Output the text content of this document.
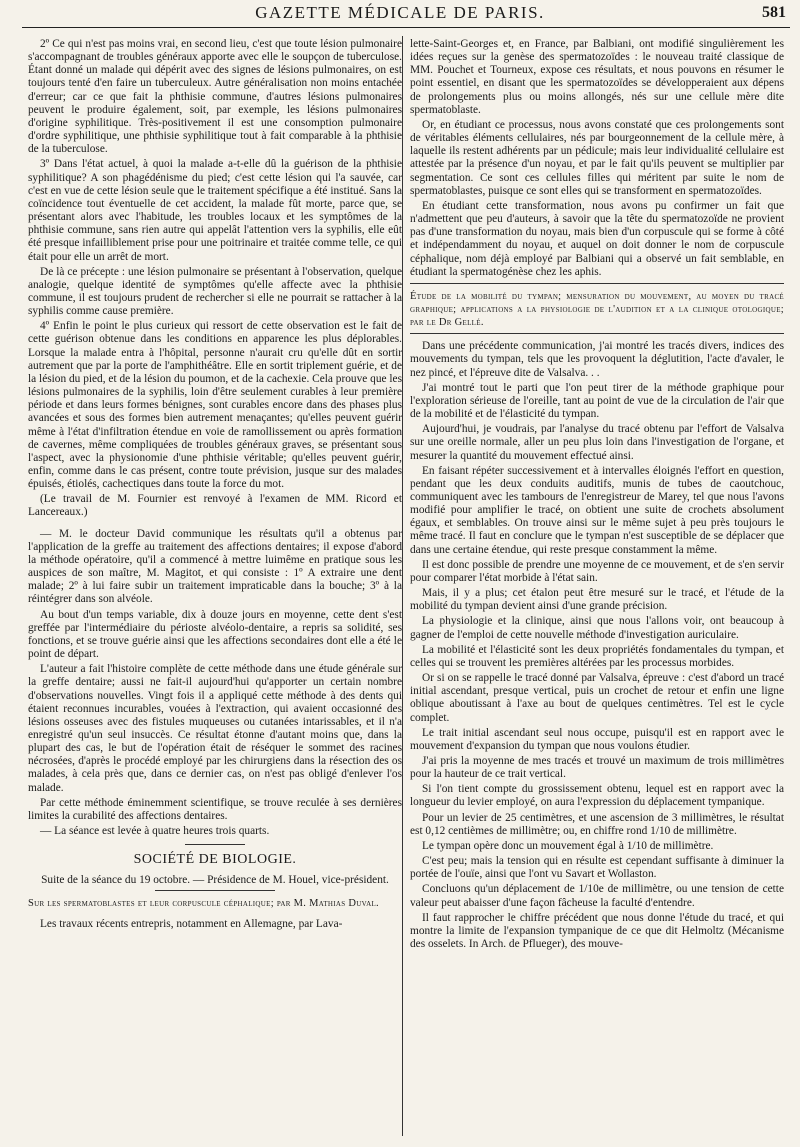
GAZETTE MÉDICALE DE PARIS.	581

2º Ce qui n'est pas moins vrai, en second lieu, c'est que toute lésion pulmonaire s'accompagnant de troubles généraux apporte avec elle le soupçon de tuberculose. Étant donné un malade qui dépérit avec des signes de lésions pulmonaires, on est toujours tenté d'en faire un tuberculeux. Autre généralisation non moins entachée d'erreur; car ce que fait la phthisie commune, d'autres lésions pulmonaires peuvent le produire également, soit, par exemple, les lésions pulmonaires d'origine syphilitique. Très-positivement il est une consomption pulmonaire d'ordre syphilitique, une phthisie syphilitique tout à fait comparable à la phthisie de la tuberculose.

3º Dans l'état actuel, à quoi la malade a-t-elle dû la guérison de la phthisie syphilitique? A son phagédénisme du pied; c'est cette lésion qui l'a sauvée, car c'est en vue de cette lésion seule que le traitement spécifique a été institué. Sans la coïncidence tout éventuelle de cet accident, la malade fût morte, parce que, se présentant alors avec l'habitude, les troubles locaux et les symptômes de la phthisie commune, sans rien autre qui appelât l'attention vers la syphilis, elle eût été presque infailliblement prise pour une poitrinaire et traitée comme telle, ce qui était pour elle un arrêt de mort.

De là ce précepte : une lésion pulmonaire se présentant à l'observation, quelque analogie, quelque identité de symptômes qu'elle affecte avec la phthisie commune, il est toujours prudent de rechercher si elle ne pourrait se rattacher à la syphilis comme cause première.

4º Enfin le point le plus curieux qui ressort de cette observation est le fait de cette guérison obtenue dans les conditions en apparence les plus déplorables. Lorsque la malade entra à l'hôpital, personne n'aurait cru qu'elle dût en sortir autrement que par la porte de l'amphithéâtre. Elle en sortit triplement guérie, et de la lésion du pied, et de la lésion du poumon, et de la cachexie. Cela prouve que les lésions pulmonaires de la syphilis, loin d'être seulement curables à leur première période et dans leurs formes bénignes, sont curables encore dans des phases plus avancées et sous des formes bien autrement menaçantes; qu'elles peuvent guérir même à l'état d'infiltration étendue en voie de ramollissement ou après formation de cavernes, même compliquées de troubles généraux graves, se présentant sous l'aspect, avec la physionomie d'une phthisie véritable; qu'elles peuvent guérir, enfin, comme dans le cas présent, contre toute prévision, jusque sur des malades épuisés, étiolés, cachectiques dans toute la force du mot.

(Le travail de M. Fournier est renvoyé à l'examen de MM. Ricord et Lancereaux.)

— M. le docteur David communique les résultats qu'il a obtenus par l'application de la greffe au traitement des affections dentaires; il expose d'abord la méthode opératoire, qu'il a commencé à mettre luimême en pratique sous les auspices de son maître, M. Magitot, et qui consiste : 1º A extraire une dent malade; 2º à lui faire subir un traitement impraticable dans la bouche; 3º à la réintégrer dans son alvéole.

Au bout d'un temps variable, dix à douze jours en moyenne, cette dent s'est greffée par l'intermédiaire du périoste alvéolo-dentaire, a repris sa solidité, ses fonctions, et se trouve guérie ainsi que les affections secondaires dont elle a été le point de départ.

L'auteur a fait l'histoire complète de cette méthode dans une étude générale sur la greffe dentaire; aussi ne fait-il aujourd'hui qu'apporter un certain nombre d'observations nouvelles. Vingt fois il a appliqué cette méthode à des dents qui étaient reconnues incurables, vouées à l'extraction, qui avaient occasionné des lésions osseuses avec des fistules muqueuses ou cutanées intarissables, et il n'a enregistré qu'un seul insuccès. Ce résultat étonne d'autant moins que, dans la plupart des cas, le but de l'opération était de réséquer le sommet des racines nécrosées, d'après le procédé employé par les chirurgiens dans la résection des os malades, à cela près que, dans ce dernier cas, on n'est pas obligé d'enlever l'os malade.

Par cette méthode éminemment scientifique, se trouve reculée à ses dernières limites la curabilité des affections dentaires.

— La séance est levée à quatre heures trois quarts.

SOCIÉTÉ DE BIOLOGIE.

Suite de la séance du 19 octobre. — Présidence de M. Houel, vice-président.

Sur les spermatoblastes et leur corpuscule céphalique; par M. Mathias Duval.

Les travaux récents entrepris, notamment en Allemagne, par Lava-

lette-Saint-Georges et, en France, par Balbiani, ont modifié singulièrement les idées reçues sur la genèse des spermatozoïdes : le nouveau traité classique de MM. Pouchet et Tourneux, expose ces résultats, et nous pouvons en résumer le point essentiel, en disant que les spermatozoïdes se développeraient aux dépens de prolongements plus ou moins allongés, nés sur une cellule mère dite spermatoblaste.

Or, en étudiant ce processus, nous avons constaté que ces prolongements sont de véritables éléments cellulaires, nés par bourgeonnement de la cellule mère, à laquelle ils restent adhérents par un pédicule; mais leur individualité cellulaire est attestée par la présence d'un noyau, et par le fait qu'ils peuvent se multiplier par segmentation. Ce sont ces cellules filles qui méritent par suite le nom de spermatoblastes, puisque ce sont elles qui se transforment en spermatozoïdes.

En étudiant cette transformation, nous avons pu confirmer un fait que n'admettent que peu d'auteurs, à savoir que la tête du spermatozoïde ne provient pas d'une transformation du noyau, mais bien d'un corpuscule qui se forme à côté et indépendamment du noyau, et auquel on doit donner le nom de corpuscule céphalique, nom déjà employé par Balbiani qui a observé un fait semblable, en étudiant la spermatogénèse chez les aphis.

Étude de la mobilité du tympan; mensuration du mouvement, au moyen du tracé graphique; applications a la physiologie de l'audition et a la clinique otologique; par le Dr Gellé.

Dans une précédente communication, j'ai montré les tracés divers, indices des mouvements du tympan, tels que les provoquent la déglutition, l'acte d'avaler, le nez pincé, et l'épreuve dite de Valsalva. . .

J'ai montré tout le parti que l'on peut tirer de la méthode graphique pour l'exploration sérieuse de l'oreille, tant au point de vue de la circulation de l'air que de la mobilité et de l'élasticité du tympan.

Aujourd'hui, je voudrais, par l'analyse du tracé obtenu par l'effort de Valsalva sur une oreille normale, aller un peu plus loin dans l'investigation de l'organe, et mesurer la quantité du mouvement effectué ainsi.

En faisant répéter successivement et à intervalles éloignés l'effort en question, pendant que les deux conduits auditifs, munis de tubes de caoutchouc, communiquent avec les tambours de l'enregistreur de Marey, tel que nous l'avons modifié pour amplifier le tracé, on obtient une suite de crochets absolument égaux, et semblables. On trouve ainsi sur le même sujet à peu près toujours le même tracé. Il faut en conclure que le tympan n'est susceptible de se déplacer que dans une certaine étendue, qui reste presque constamment la même.

Il est donc possible de prendre une moyenne de ce mouvement, et de s'en servir pour comparer l'état morbide à l'état sain.

Mais, il y a plus; cet étalon peut être mesuré sur le tracé, et l'étude de la mobilité du tympan devient ainsi d'une grande précision.

La physiologie et la clinique, ainsi que nous l'allons voir, ont beaucoup à gagner de l'emploi de cette nouvelle méthode d'investigation auriculaire.

La mobilité et l'élasticité sont les deux propriétés fondamentales du tympan, et celles qui se trouvent les premières altérées par les processus morbides.

Or si on se rappelle le tracé donné par Valsalva, épreuve : c'est d'abord un tracé initial ascendant, presque vertical, puis un crochet de retour et enfin une ligne oblique aboutissant à l'axe au bout de quelques centimètres. Tel est le cycle complet.

Le trait initial ascendant seul nous occupe, puisqu'il est en rapport avec le mouvement d'expansion du tympan que nous voulons étudier.

J'ai pris la moyenne de mes tracés et trouvé un maximum de trois millimètres pour la hauteur de ce trait vertical.

Si l'on tient compte du grossissement obtenu, lequel est en rapport avec la longueur du levier employé, on aura l'expression du déplacement tympanique.

Pour un levier de 25 centimètres, et une ascension de 3 millimètres, le résultat est 0,12 centièmes de millimètre; ou, en chiffre rond 1/10 de millimètre.

Le tympan opère donc un mouvement égal à 1/10 de millimètre.

C'est peu; mais la tension qui en résulte est cependant suffisante à diminuer la portée de l'ouïe, ainsi que l'ont vu Savart et Wollaston.

Concluons qu'un déplacement de 1/10e de millimètre, ou une tension de cette valeur peut abaisser d'une façon fâcheuse la faculté d'entendre.

Il faut rapprocher le chiffre précédent que nous donne l'étude du tracé, et qui montre la limite de l'expansion tympanique de ce que dit Helmoltz (Mécanisme des osselets. In Arch. de Pflueger), des mouve-
